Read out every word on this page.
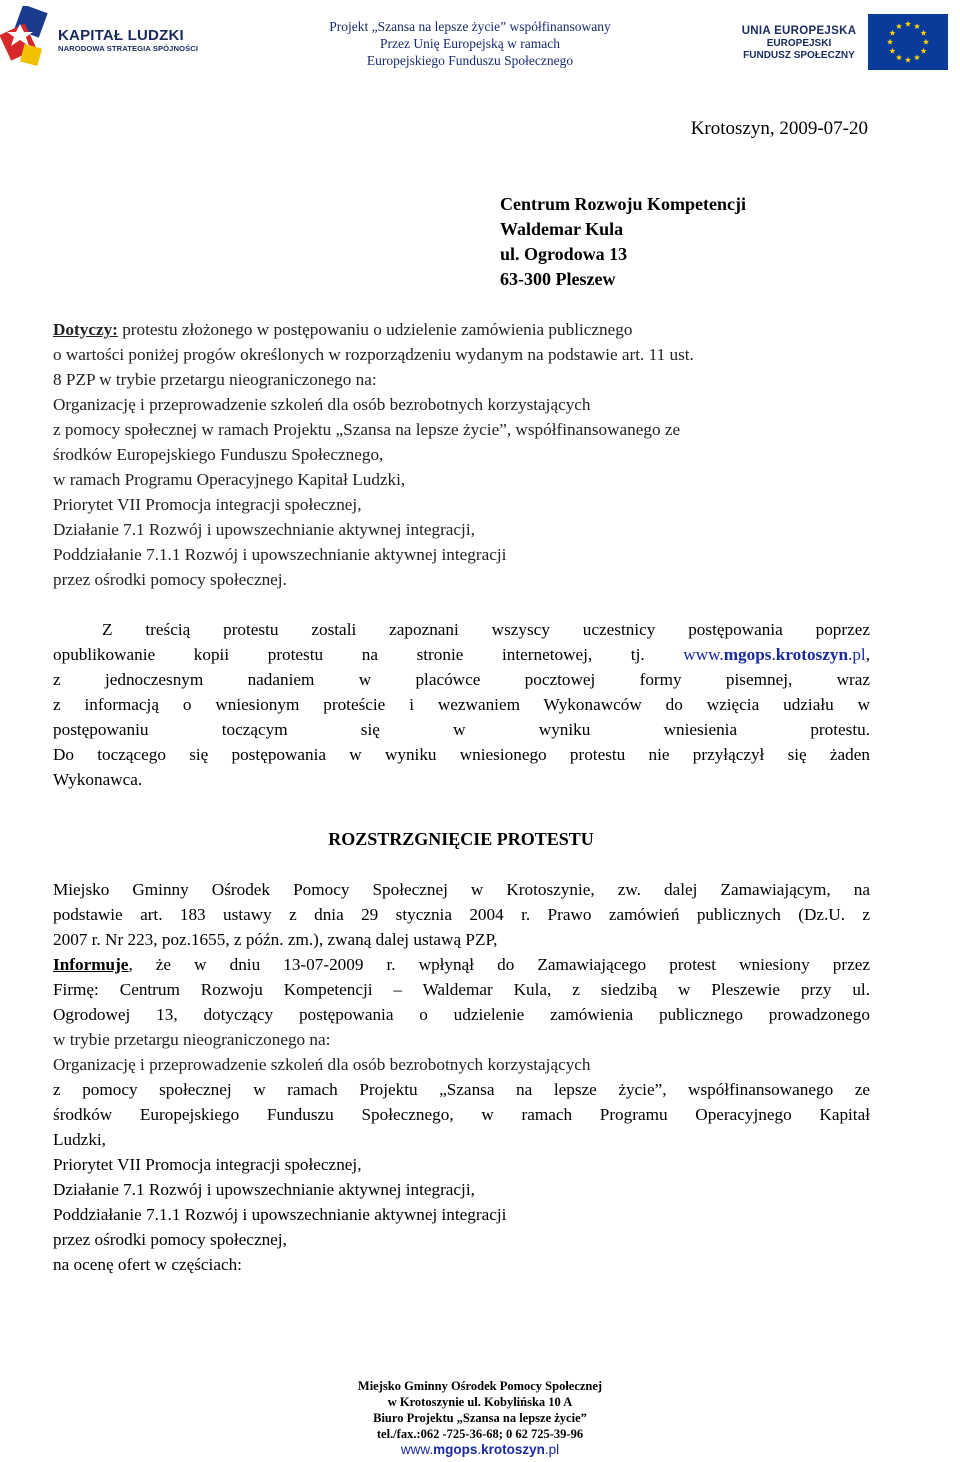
KAPITAŁ LUDZKI
NARODOWA STRATEGIA SPÓJNOŚCI
Projekt „Szansa na lepsze życie” współfinansowany
Przez Unię Europejską w ramach
Europejskiego Funduszu Społecznego
UNIA EUROPEJSKA
EUROPEJSKI
FUNDUSZ SPOŁECZNY
Krotoszyn, 2009-07-20
Centrum Rozwoju Kompetencji
Waldemar Kula
ul. Ogrodowa 13
63-300 Pleszew
Dotyczy: protestu złożonego w postępowaniu o udzielenie zamówienia publicznego
o wartości poniżej progów określonych w rozporządzeniu wydanym na podstawie art. 11 ust.
8 PZP w trybie przetargu nieograniczonego na:
Organizację i przeprowadzenie szkoleń dla osób bezrobotnych korzystających
z pomocy społecznej w ramach Projektu „Szansa na lepsze życie”, współfinansowanego ze
środków Europejskiego Funduszu Społecznego,
w ramach Programu Operacyjnego Kapitał Ludzki,
Priorytet VII Promocja integracji społecznej,
Działanie 7.1 Rozwój i upowszechnianie aktywnej integracji,
Poddziałanie 7.1.1 Rozwój i upowszechnianie aktywnej integracji
przez ośrodki pomocy społecznej.
Z treścią protestu zostali zapoznani wszyscy uczestnicy postępowania poprzez
opublikowanie kopii protestu na stronie internetowej, tj. www.mgops.krotoszyn.pl,
z jednoczesnym nadaniem w placówce pocztowej formy pisemnej, wraz
z informacją o wniesionym proteście i wezwaniem Wykonawców do wzięcia udziału w
postępowaniu toczącym się w wyniku wniesienia protestu.
Do toczącego się postępowania w wyniku wniesionego protestu nie przyłączył się żaden
Wykonawca.
ROZSTRZGNIĘCIE PROTESTU
Miejsko Gminny Ośrodek Pomocy Społecznej w Krotoszynie, zw. dalej Zamawiającym, na
podstawie art. 183 ustawy z dnia 29 stycznia 2004 r. Prawo zamówień publicznych (Dz.U. z
2007 r. Nr 223, poz.1655, z późn. zm.), zwaną dalej ustawą PZP,
Informuje, że w dniu 13-07-2009 r. wpłynął do Zamawiającego protest wniesiony przez
Firmę: Centrum Rozwoju Kompetencji – Waldemar Kula, z siedzibą w Pleszewie przy ul.
Ogrodowej 13, dotyczący postępowania o udzielenie zamówienia publicznego prowadzonego
w trybie przetargu nieograniczonego na:
Organizację i przeprowadzenie szkoleń dla osób bezrobotnych korzystających
z pomocy społecznej w ramach Projektu „Szansa na lepsze życie”, współfinansowanego ze
środków Europejskiego Funduszu Społecznego, w ramach Programu Operacyjnego Kapitał
Ludzki,
Priorytet VII Promocja integracji społecznej,
Działanie 7.1 Rozwój i upowszechnianie aktywnej integracji,
Poddziałanie 7.1.1 Rozwój i upowszechnianie aktywnej integracji
przez ośrodki pomocy społecznej,
na ocenę ofert w częściach:
Miejsko Gminny Ośrodek Pomocy Społecznej
w Krotoszynie ul. Kobylińska 10 A
Biuro Projektu „Szansa na lepsze życie”
tel./fax.:062 -725-36-68; 0 62 725-39-96
www.mgops.krotoszyn.pl
